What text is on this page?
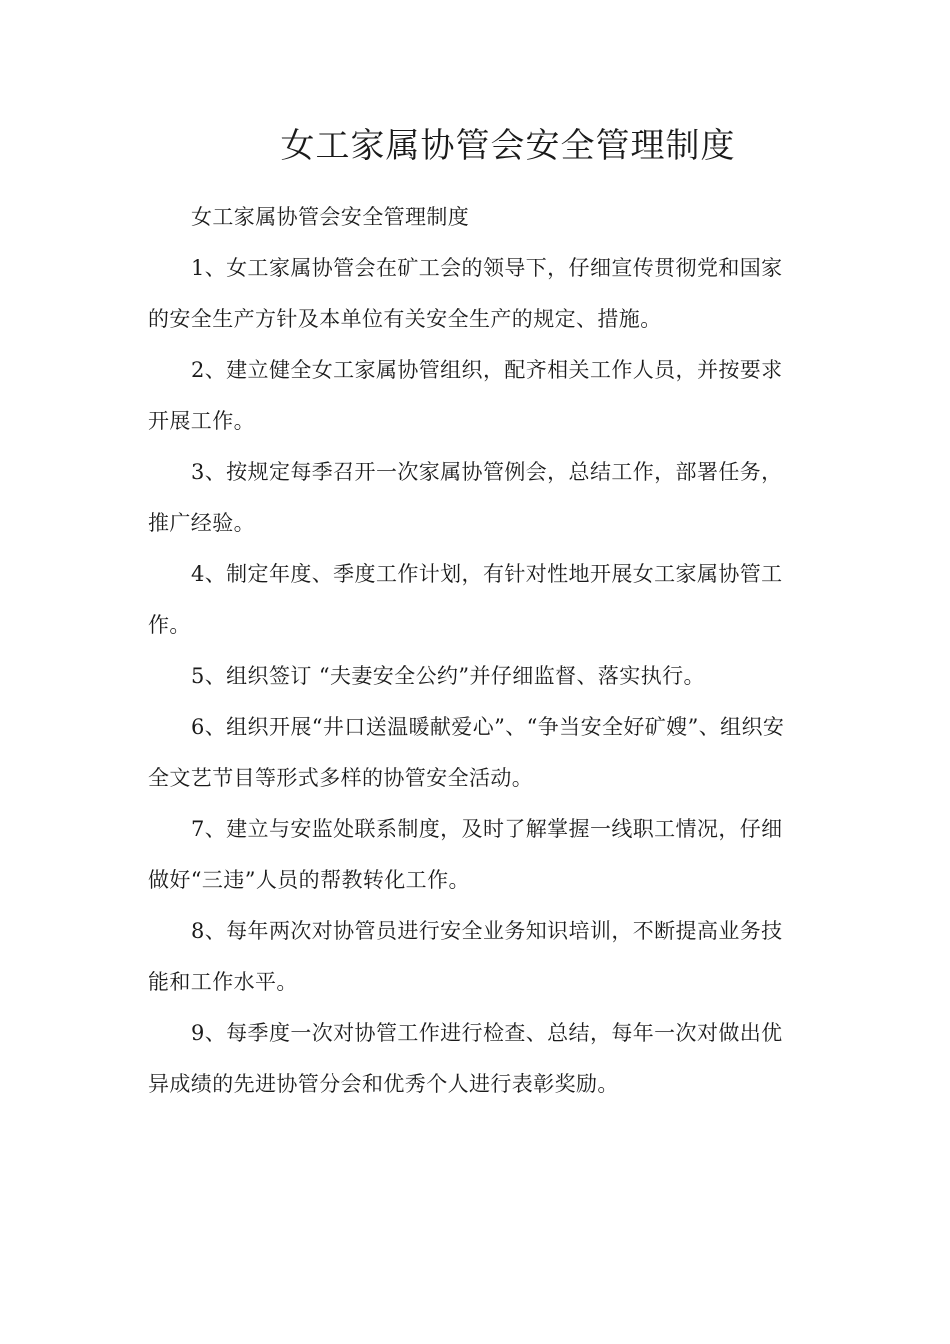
女工家属协管会安全管理制度

女工家属协管会安全管理制度

1、女工家属协管会在矿工会的领导下，仔细宣传贯彻党和国家的安全生产方针及本单位有关安全生产的规定、措施。

2、建立健全女工家属协管组织，配齐相关工作人员，并按要求开展工作。

3、按规定每季召开一次家属协管例会，总结工作，部署任务，推广经验。

4、制定年度、季度工作计划，有针对性地开展女工家属协管工作。

5、组织签订 “夫妻安全公约”并仔细监督、落实执行。

6、组织开展“井口送温暖献爱心”、“争当安全好矿嫂”、组织安全文艺节目等形式多样的协管安全活动。

7、建立与安监处联系制度，及时了解掌握一线职工情况，仔细做好“三违”人员的帮教转化工作。

8、每年两次对协管员进行安全业务知识培训，不断提高业务技能和工作水平。

9、每季度一次对协管工作进行检查、总结，每年一次对做出优异成绩的先进协管分会和优秀个人进行表彰奖励。
